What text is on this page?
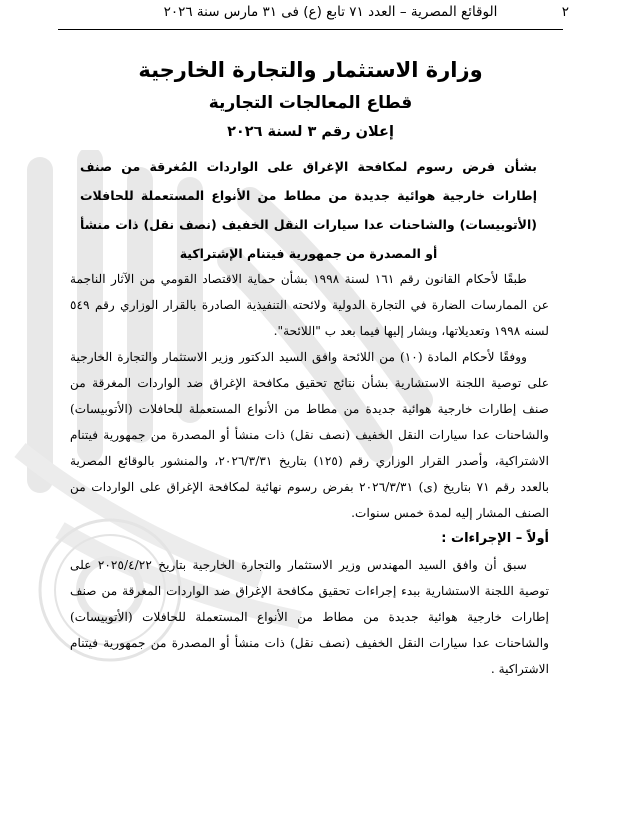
الوقائع المصرية – العدد ٧١ تابع (ع) فى ٣١ مارس سنة ٢٠٢٦	٢
وزارة الاستثمار والتجارة الخارجية
قطاع المعالجات التجارية
إعلان رقم ٣ لسنة ٢٠٢٦
بشأن فرض رسوم لمكافحة الإغراق على الواردات المُغرقة من صنف إطارات خارجية هوائية جديدة من مطاط من الأنواع المستعملة للحافلات (الأتوبيسات) والشاحنات عدا سيارات النقل الخفيف (نصف نقل) ذات منشأ أو المصدرة من جمهورية فيتنام الإشتراكية

طبقًا لأحكام القانون رقم ١٦١ لسنة ١٩٩٨ بشأن حماية الاقتصاد القومي من الآثار الناجمة عن الممارسات الضارة في التجارة الدولية ولائحته التنفيذية الصادرة بالقرار الوزاري رقم ٥٤٩ لسنه ١٩٩٨ وتعديلاتها، ويشار إليها فيما بعد ب "اللائحة".

ووفقًا لأحكام المادة (١٠) من اللائحة وافق السيد الدكتور وزير الاستثمار والتجارة الخارجية على توصية اللجنة الاستشارية بشأن نتائج تحقيق مكافحة الإغراق ضد الواردات المغرقة من صنف إطارات خارجية هوائية جديدة من مطاط من الأنواع المستعملة للحافلات (الأتوبيسات) والشاحنات عدا سيارات النقل الخفيف (نصف نقل) ذات منشأ أو المصدرة من جمهورية فيتنام الاشتراكية، وأصدر القرار الوزاري رقم (١٢٥) بتاريخ ٢٠٢٦/٣/٣١، والمنشور بالوقائع المصرية بالعدد رقم ٧١ بتاريخ (ى) ٢٠٢٦/٣/٣١ بفرض رسوم نهائية لمكافحة الإغراق على الواردات من الصنف المشار إليه لمدة خمس سنوات.

أولاً – الإجراءات :

سبق أن وافق السيد المهندس وزير الاستثمار والتجارة الخارجية بتاريخ ٢٠٢٥/٤/٢٢ على توصية اللجنة الاستشارية ببدء إجراءات تحقيق مكافحة الإغراق ضد الواردات المغرقة من صنف إطارات خارجية هوائية جديدة من مطاط من الأنواع المستعملة للحافلات (الأتوبيسات) والشاحنات عدا سيارات النقل الخفيف (نصف نقل) ذات منشأ أو المصدرة من جمهورية فيتنام الاشتراكية .
